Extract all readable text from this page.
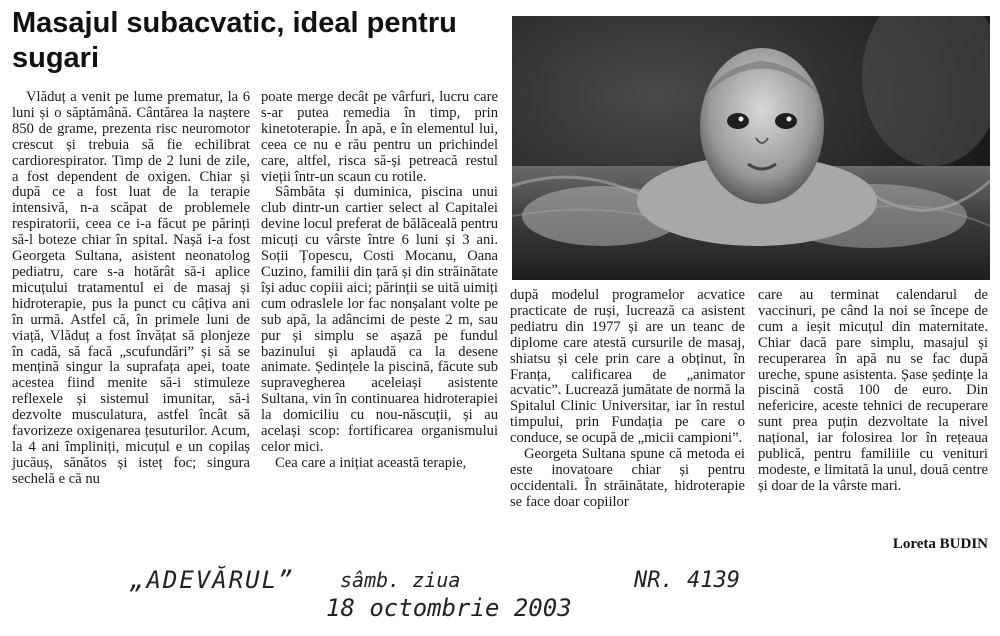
Masajul subacvatic, ideal pentru sugari

Vlăduț a venit pe lume prematur, la 6 luni și o săptămână. Cântărea la naștere 850 de grame, prezenta risc neuromotor crescut și trebuia să fie echilibrat cardiorespirator. Timp de 2 luni de zile, a fost dependent de oxigen. Chiar și după ce a fost luat de la terapie intensivă, n-a scăpat de problemele respiratorii, ceea ce i-a făcut pe părinți să-l boteze chiar în spital. Nașă i-a fost Georgeta Sultana, asistent neonatolog pediatru, care s-a hotărât să-i aplice micuțului tratamentul ei de masaj și hidroterapie, pus la punct cu câțiva ani în urmă. Astfel că, în primele luni de viață, Vlăduț a fost învățat să plonjeze în cadă, să facă „scufundări” și să se mențină singur la suprafața apei, toate acestea fiind menite să-i stimuleze reflexele și sistemul imunitar, să-i dezvolte musculatura, astfel încât să favorizeze oxigenarea țesuturilor. Acum, la 4 ani împliniți, micuțul e un copilaș jucăuș, sănătos și isteț foc; singura sechelă e că nu

poate merge decât pe vârfuri, lucru care s-ar putea remedia în timp, prin kinetoterapie. În apă, e în elementul lui, ceea ce nu e rău pentru un prichindel care, altfel, risca să-și petreacă restul vieții într-un scaun cu rotile.

Sâmbăta și duminica, piscina unui club dintr-un cartier select al Capitalei devine locul preferat de bălăceală pentru micuți cu vârste între 6 luni și 3 ani. Soții Țopescu, Costi Mocanu, Oana Cuzino, familii din țară și din străinătate își aduc copiii aici; părinții se uită uimiți cum odraslele lor fac nonșalant volte pe sub apă, la adâncimi de peste 2 m, sau pur și simplu se așază pe fundul bazinului și aplaudă ca la desene animate. Ședințele la piscină, făcute sub supravegherea aceleiași asistente Sultana, vin în continuarea hidroterapiei la domiciliu cu nou-născuții, și au același scop: fortificarea organismului celor mici.

Cea care a inițiat această terapie,

după modelul programelor acvatice practicate de ruși, lucrează ca asistent pediatru din 1977 și are un teanc de diplome care atestă cursurile de masaj, shiatsu și cele prin care a obținut, în Franța, calificarea de „animator acvatic”. Lucrează jumătate de normă la Spitalul Clinic Universitar, iar în restul timpului, prin Fundația pe care o conduce, se ocupă de „micii campioni”.

Georgeta Sultana spune că metoda ei este inovatoare chiar și pentru occidentali. În străinătate, hidroterapie se face doar copiilor

care au terminat calendarul de vaccinuri, pe când la noi se începe de cum a ieșit micuțul din maternitate. Chiar dacă pare simplu, masajul și recuperarea în apă nu se fac după ureche, spune asistenta. Șase ședințe la piscină costă 100 de euro. Din nefericire, aceste tehnici de recuperare sunt prea puțin dezvoltate la nivel național, iar folosirea lor în rețeaua publică, pentru familiile cu venituri modeste, e limitată la unul, două centre și doar de la vârste mari.

Loreta BUDIN
„ADEVĂRUL” sâmb. ziua
18 octombrie 2003
NR. 4139
